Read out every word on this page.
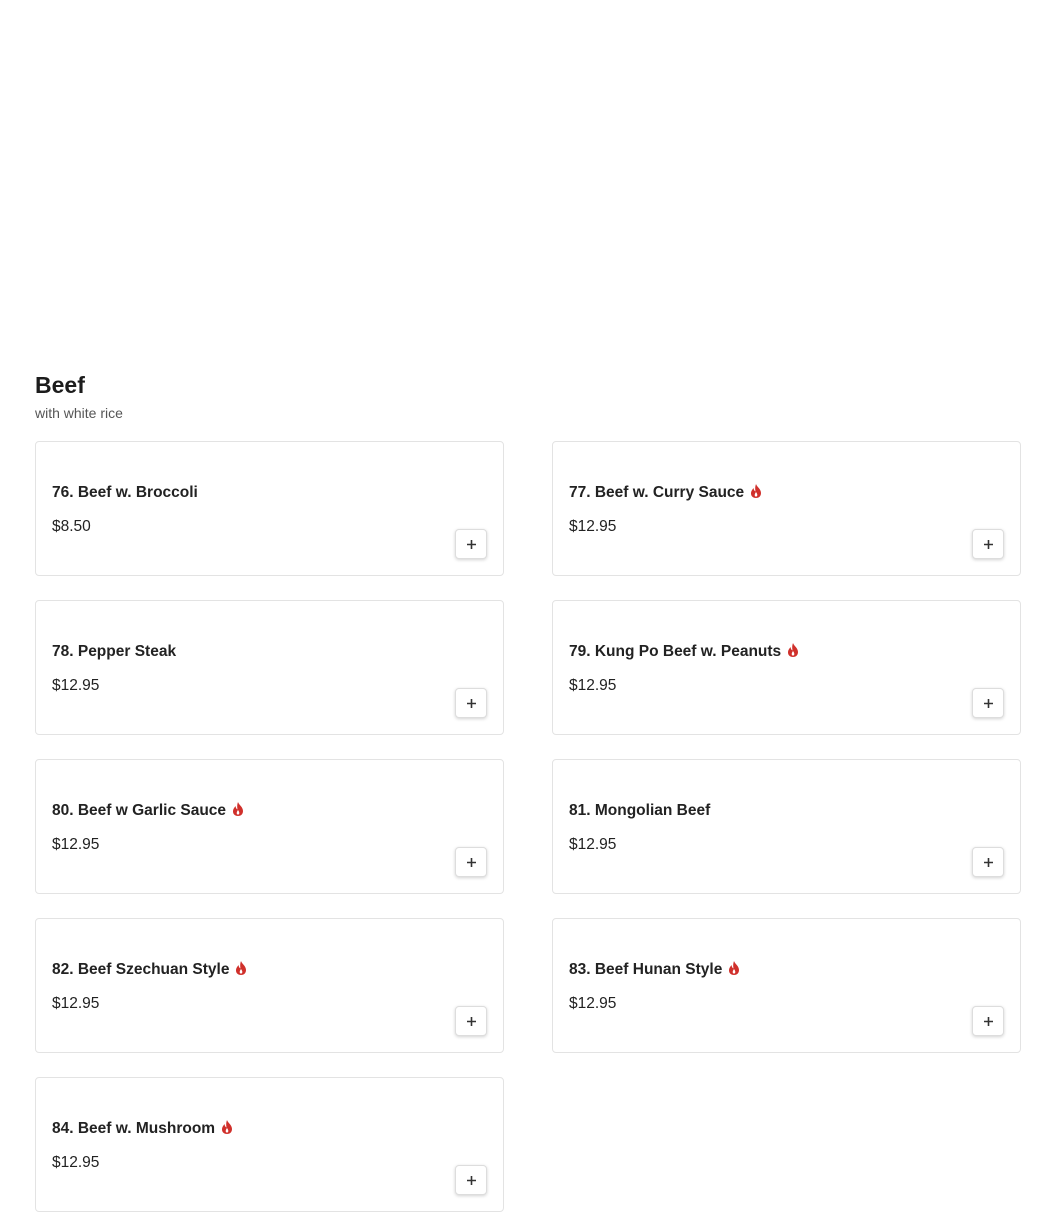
Beef
with white rice
76. Beef w. Broccoli
$8.50
77. Beef w. Curry Sauce
$12.95
78. Pepper Steak
$12.95
79. Kung Po Beef w. Peanuts
$12.95
80. Beef w Garlic Sauce
$12.95
81. Mongolian Beef
$12.95
82. Beef Szechuan Style
$12.95
83. Beef Hunan Style
$12.95
84. Beef w. Mushroom
$12.95
